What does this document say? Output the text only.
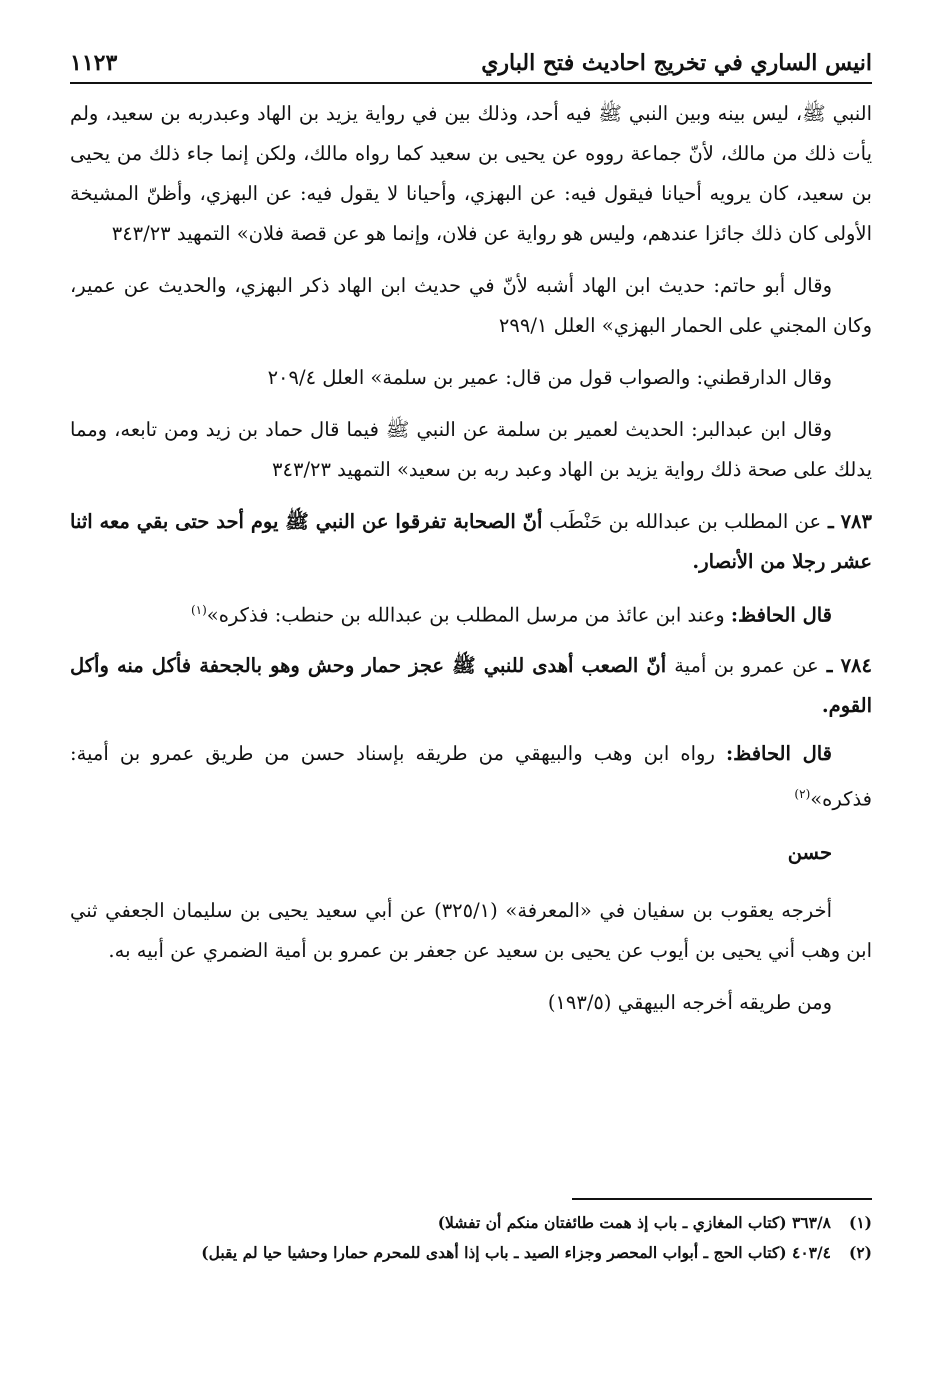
انيس الساري في تخريج احاديث فتح الباري
١١٢٣

النبي ﷺ، ليس بينه وبين النبي ﷺ فيه أحد، وذلك بين في رواية يزيد بن الهاد وعبدربه بن سعيد، ولم يأت ذلك من مالك، لأنّ جماعة رووه عن يحيى بن سعيد كما رواه مالك، ولكن إنما جاء ذلك من يحيى بن سعيد، كان يرويه أحيانا فيقول فيه: عن البهزي، وأحيانا لا يقول فيه: عن البهزي، وأظنّ المشيخة الأولى كان ذلك جائزا عندهم، وليس هو رواية عن فلان، وإنما هو عن قصة فلان» التمهيد ٣٤٣/٢٣

وقال أبو حاتم: حديث ابن الهاد أشبه لأنّ في حديث ابن الهاد ذكر البهزي، والحديث عن عمير، وكان المجني على الحمار البهزي» العلل ٢٩٩/١

وقال الدارقطني: والصواب قول من قال: عمير بن سلمة» العلل ٢٠٩/٤

وقال ابن عبدالبر: الحديث لعمير بن سلمة عن النبي ﷺ فيما قال حماد بن زيد ومن تابعه، ومما يدلك على صحة ذلك رواية يزيد بن الهاد وعبد ربه بن سعيد» التمهيد ٣٤٣/٢٣

٧٨٣ ـ عن المطلب بن عبدالله بن حَنْطَب أنّ الصحابة تفرقوا عن النبي ﷺ يوم أحد حتى بقي معه اثنا عشر رجلا من الأنصار.

قال الحافظ: وعند ابن عائذ من مرسل المطلب بن عبدالله بن حنطب: فذكره»$^{(١)}$

٧٨٤ ـ عن عمرو بن أمية أنّ الصعب أهدى للنبي ﷺ عجز حمار وحش وهو بالجحفة فأكل منه وأكل القوم.

قال الحافظ: رواه ابن وهب والبيهقي من طريقه بإسناد حسن من طريق عمرو بن أمية: فذكره»$^{(٢)}$

حسن

أخرجه يعقوب بن سفيان في «المعرفة» (٣٢٥/١) عن أبي سعيد يحيى بن سليمان الجعفي ثني ابن وهب أني يحيى بن أيوب عن يحيى بن سعيد عن جعفر بن عمرو بن أمية الضمري عن أبيه به.

ومن طريقه أخرجه البيهقي (١٩٣/٥)

(١)
٣٦٣/٨ (كتاب المغازي ـ باب إذ همت طائفتان منكم أن تفشلا)

(٢)
٤٠٣/٤ (كتاب الحج ـ أبواب المحصر وجزاء الصيد ـ باب إذا أهدى للمحرم حمارا وحشيا حيا لم يقبل)
